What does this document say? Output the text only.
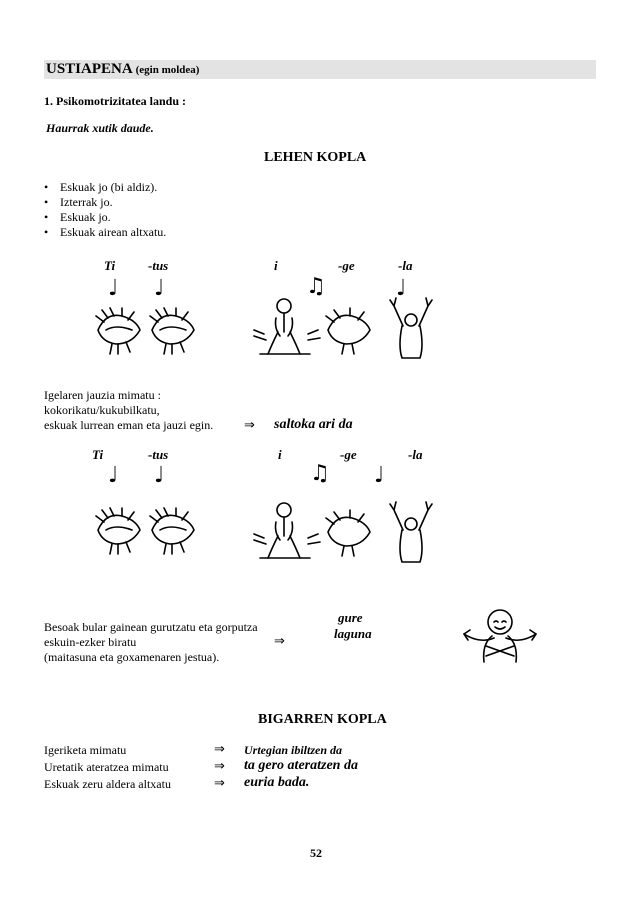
USTIAPENA (egin moldea)
1. Psikomotrizitatea landu :
Haurrak xutik daude.
LEHEN KOPLA
• Eskuak jo (bi aldiz).
• Izterrak jo.
• Eskuak jo.
• Eskuak airean altxatu.
Ti	-tus	i	-ge	-la
♩ ♩	♫	♩
Igelaren jauzia mimatu :
kokorikatu/kukubilkatu,
eskuak lurrean eman eta jauzi egin. ⇒ saltoka ari da
Ti	-tus	i	-ge	-la
♩ ♩	♫ ♩
Besoak bular gainean gurutzatu eta gorputza
eskuin-ezker biratu
(maitasuna eta goxamenaren jestua).
⇒
gure
laguna
BIGARREN KOPLA
Igeriketa mimatu	⇒ Urtegian ibiltzen da
Uretatik ateratzea mimatu	⇒ ta gero ateratzen da
Eskuak zeru aldera altxatu	⇒ euria bada.
52
